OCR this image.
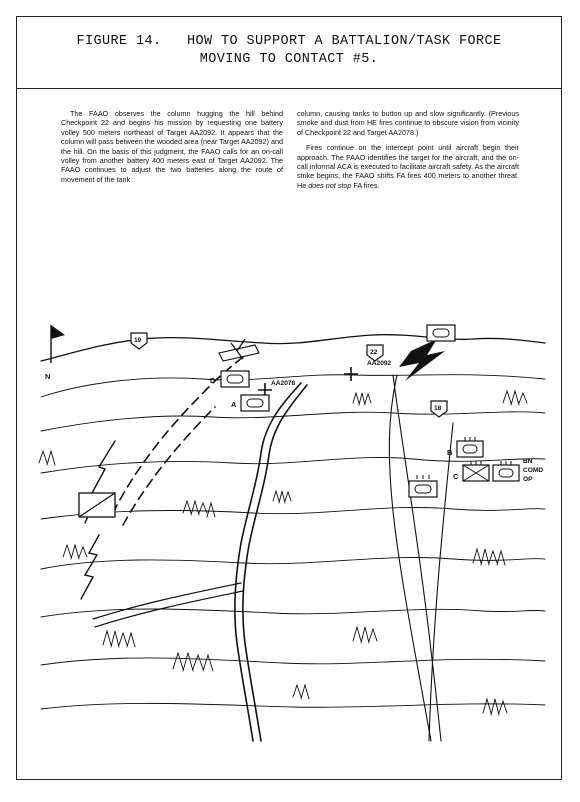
FIGURE 14.   HOW TO SUPPORT A BATTALION/TASK FORCE
MOVING TO CONTACT #5.

The FAAO observes the column hugging the hill behind Checkpoint 22 and begins his mission by requesting one battery volley 500 meters northeast of Target AA2092. It appears that the column will pass between the wooded area (near Target AA2092) and the hill. On the basis of this judgment, the FAAO calls for an on-call volley from another battery 400 meters east of Target AA2092. The FAAO continues to adjust the two batteries along the route of movement of the tank

column, causing tanks to button up and slow significantly. (Previous smoke and dust from HE fires continue to obscure vision from vicinity of Checkpoint 22 and Target AA2078.)

Fires continue on the intercept point until aircraft begin their approach. The FAAO identifies the target for the aircraft, and the on-call informal ACA is executed to facilitate aircraft safety. As the aircraft strike begins, the FAAO shifts FA fires 400 meters to another threat. He does not stop FA fires.

N
19
22
18
AA2078
AA2092
D
A
B
C
BN
COMD
OP
